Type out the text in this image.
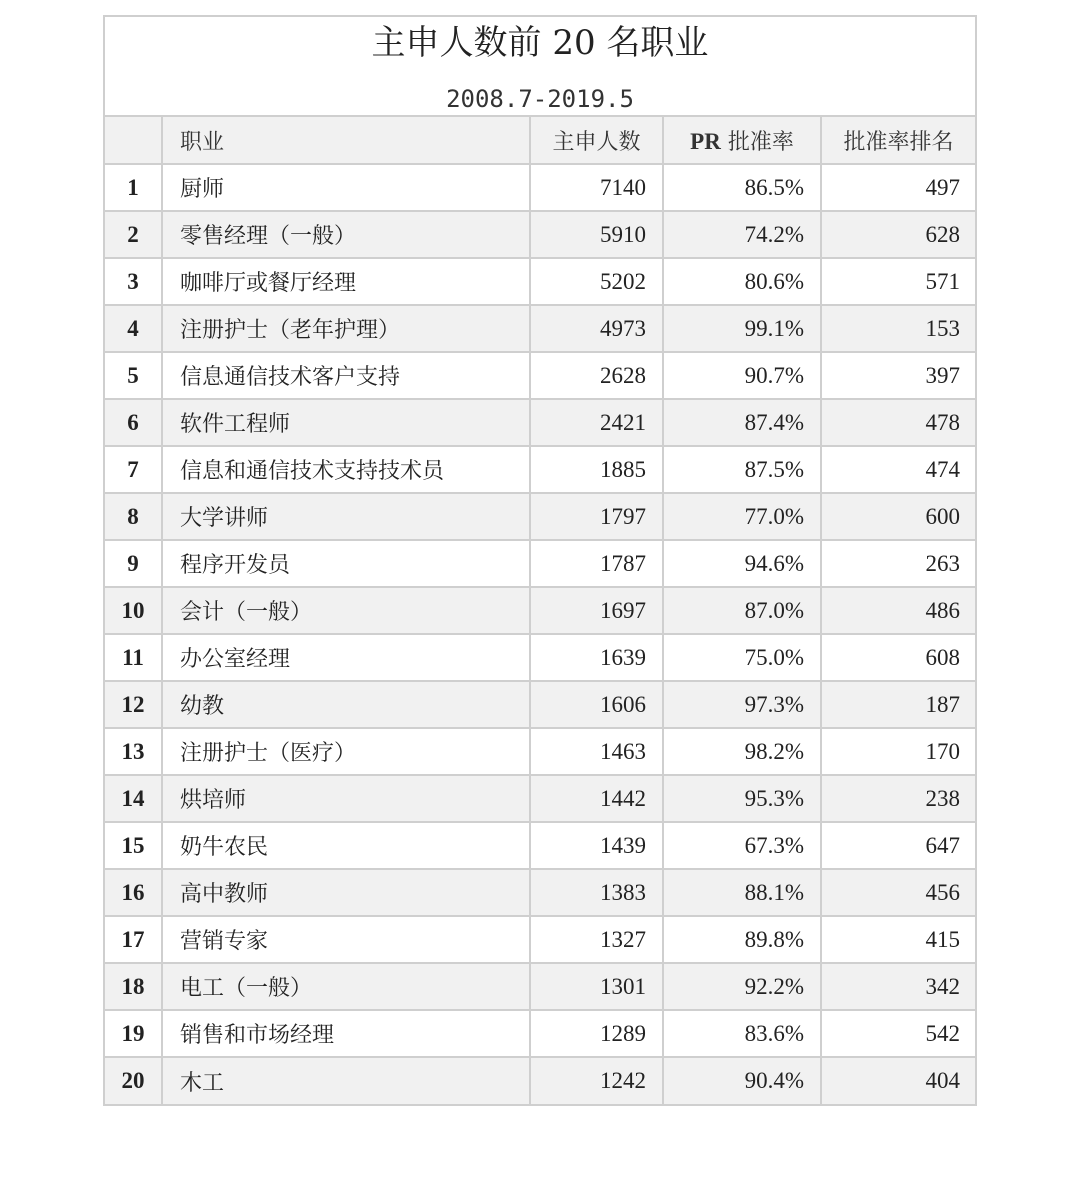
主申人数前 20 名职业
2008.7-2019.5
	职业	主申人数	PR 批准率	批准率排名
1	厨师	7140	86.5%	497
2	零售经理（一般）	5910	74.2%	628
3	咖啡厅或餐厅经理	5202	80.6%	571
4	注册护士（老年护理）	4973	99.1%	153
5	信息通信技术客户支持	2628	90.7%	397
6	软件工程师	2421	87.4%	478
7	信息和通信技术支持技术员	1885	87.5%	474
8	大学讲师	1797	77.0%	600
9	程序开发员	1787	94.6%	263
10	会计（一般）	1697	87.0%	486
11	办公室经理	1639	75.0%	608
12	幼教	1606	97.3%	187
13	注册护士（医疗）	1463	98.2%	170
14	烘培师	1442	95.3%	238
15	奶牛农民	1439	67.3%	647
16	高中教师	1383	88.1%	456
17	营销专家	1327	89.8%	415
18	电工（一般）	1301	92.2%	342
19	销售和市场经理	1289	83.6%	542
20	木工	1242	90.4%	404
